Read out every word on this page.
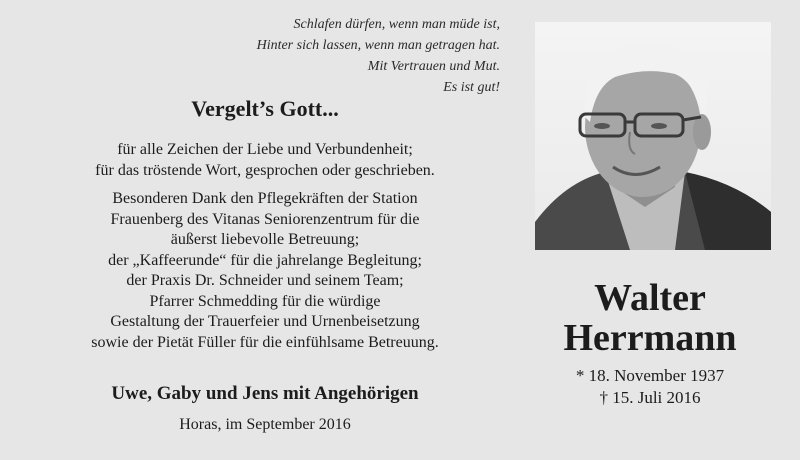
Schlafen dürfen, wenn man müde ist,
Hinter sich lassen, wenn man getragen hat.
Mit Vertrauen und Mut.
Es ist gut!
Vergelt’s Gott...
für alle Zeichen der Liebe und Verbundenheit;
für das tröstende Wort, gesprochen oder geschrieben.
Besonderen Dank den Pflegekräften der Station
Frauenberg des Vitanas Seniorenzentrum für die
äußerst liebevolle Betreuung;
der „Kaffeerunde“ für die jahrelange Begleitung;
der Praxis Dr. Schneider und seinem Team;
Pfarrer Schmedding für die würdige
Gestaltung der Trauerfeier und Urnenbeisetzung
sowie der Pietät Füller für die einfühlsame Betreuung.
Uwe, Gaby und Jens mit Angehörigen
Horas, im September 2016
Walter
Herrmann
* 18. November 1937
† 15. Juli 2016
